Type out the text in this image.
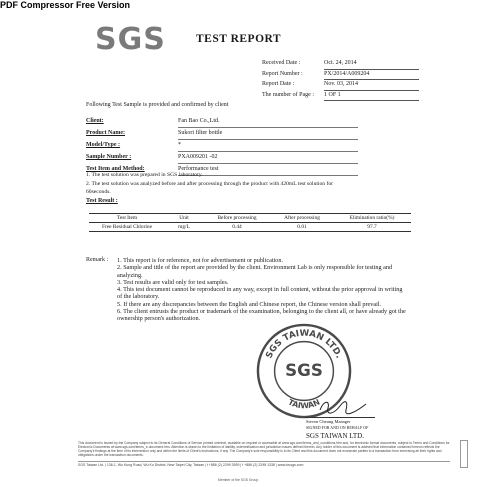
PDF Compressor Free Version
SGS	TEST REPORT
Received Date :	Oct. 24, 2014
Report Number :	PX/2014/A009204
Report Date :	Nov. 03, 2014
The number of Page :	1 OF 1
Following Test Sample is provided and confirmed by client
Client:	Fan Bao Co.,Ltd.
Product Name:	Sukori filter bottle
Model/Type :	*
Sample Number :	PXA009201 -02
Test Item and Method:	Performance test
1. The test solution was prepared in SGS laboratory.
2. The test solution was analyzed before and after processing through the product with 420mL test solution for
60seconds.
Test Result :
Test Item	Unit	Before processing	After processing	Elimination ratio(%)
Free Residual Chlorine	mg/L	0.44	0.01	97.7
Remark : 1. This report is for reference, not for advertisement or publication.
2. Sample and title of the report are provided by the client. Environment Lab is only responsible for testing and analyzing.
3. Test results are valid only for test samples.
4. This test document cannot be reproduced in any way, except in full content, without the prior approval in writing of the laboratory.
5. If there are any discrepancies between the English and Chinese report, the Chinese version shall prevail.
6. The client entrusts the product or trademark of the examination, belonging to the client all, or have already got the ownership person's authorization.
SGS TAIWAN LTD.
SGS
TAIWAN
Steven Cheung Manager
SIGNED FOR AND ON BEHALF OF
SGS TAIWAN LTD.
This document is issued by the Company subject to its General Conditions of Service printed overleaf, available on request or accessible at www.sgs.com/terms_and_conditions.htm and, for electronic format documents, subject to Terms and Conditions for Electronic Documents at www.sgs.com/terms_e-document.htm. Attention is drawn to the limitation of liability, indemnification and jurisdiction issues defined therein. Any holder of this document is advised that information contained hereon reflects the Company's findings at the time of its intervention only and within the limits of Client's instructions, if any. The Company's sole responsibility is to its Client and this document does not exonerate parties to a transaction from exercising all their rights and obligations under the transaction documents.
SGS Taiwan Ltd. | 136-1, Wu Kung Road, Wu Ku District, New Taipei City, Taiwan | t +886 (2) 2299 3939 | f +886 (2) 2298 1338 | www.tw.sgs.com
Member of the SGS Group
